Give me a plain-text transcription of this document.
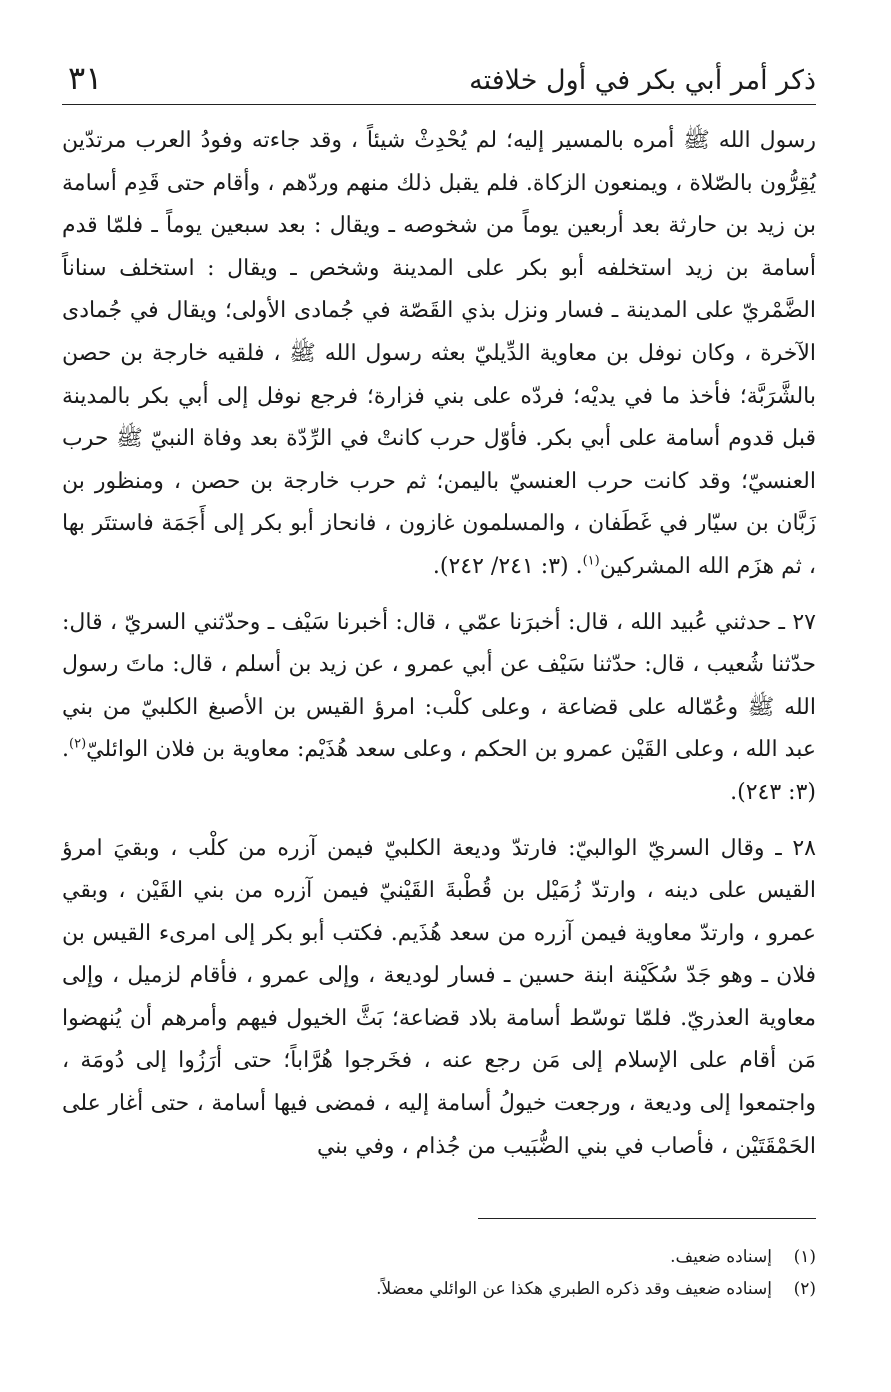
ذكر أمر أبي بكر في أول خلافته
٣١

رسول الله ﷺ أمره بالمسير إليه؛ لم يُحْدِثْ شيئاً ، وقد جاءته وفودُ العرب مرتدّين يُقِرُّون بالصّلاة ، ويمنعون الزكاة. فلم يقبل ذلك منهم وردّهم ، وأقام حتى قَدِم أسامة بن زيد بن حارثة بعد أربعين يوماً من شخوصه ـ ويقال : بعد سبعين يوماً ـ فلمّا قدم أسامة بن زيد استخلفه أبو بكر على المدينة وشخص ـ ويقال : استخلف سناناً الضَّمْريّ على المدينة ـ فسار ونزل بذي القَصّة في جُمادى الأولى؛ ويقال في جُمادى الآخرة ، وكان نوفل بن معاوية الدِّيليّ بعثه رسول الله ﷺ ، فلقيه خارجة بن حصن بالشَّرَبَّة؛ فأخذ ما في يديْه؛ فردّه على بني فزارة؛ فرجع نوفل إلى أبي بكر بالمدينة قبل قدوم أسامة على أبي بكر. فأوّل حرب كانتْ في الرِّدّة بعد وفاة النبيّ ﷺ حرب العنسيّ؛ وقد كانت حرب العنسيّ باليمن؛ ثم حرب خارجة بن حصن ، ومنظور بن زَبَّان بن سيّار في غَطَفان ، والمسلمون غازون ، فانحاز أبو بكر إلى أَجَمَة فاستتَر بها ، ثم هزَم الله المشركين$^{(١)}$. (٣: ٢٤١/ ٢٤٢).

٢٧ ـ حدثني عُبيد الله ، قال: أخبرَنا عمّي ، قال: أخبرنا سَيْف ـ وحدّثني السريّ ، قال: حدّثنا شُعيب ، قال: حدّثنا سَيْف عن أبي عمرو ، عن زيد بن أسلم ، قال: ماتَ رسول الله ﷺ وعُمّاله على قضاعة ، وعلى كلْب: امرؤ القيس بن الأصبغ الكلبيّ من بني عبد الله ، وعلى القَيْن عمرو بن الحكم ، وعلى سعد هُذَيْم: معاوية بن فلان الوائليّ$^{(٢)}$. (٣: ٢٤٣).

٢٨ ـ وقال السريّ الوالبيّ: فارتدّ وديعة الكلبيّ فيمن آزره من كلْب ، وبقيَ امرؤ القيس على دينه ، وارتدّ زُمَيْل بن قُطْبةَ القَيْنيّ فيمن آزره من بني القَيْن ، وبقي عمرو ، وارتدّ معاوية فيمن آزره من سعد هُذَيم. فكتب أبو بكر إلى امرىء القيس بن فلان ـ وهو جَدّ سُكَيْنة ابنة حسين ـ فسار لوديعة ، وإلى عمرو ، فأقام لزميل ، وإلى معاوية العذريّ. فلمّا توسّط أسامة بلاد قضاعة؛ بَثَّ الخيول فيهم وأمرهم أن يُنهضوا مَن أقام على الإسلام إلى مَن رجع عنه ، فخَرجوا هُرَّاباً؛ حتى أرَزُوا إلى دُومَة ، واجتمعوا إلى وديعة ، ورجعت خيولُ أسامة إليه ، فمضى فيها أسامة ، حتى أغار على الحَمْقَتَيْن ، فأصاب في بني الضُّبَيب من جُذام ، وفي بني

(١)إسناده ضعيف.
(٢)إسناده ضعيف وقد ذكره الطبري هكذا عن الوائلي معضلاً.
